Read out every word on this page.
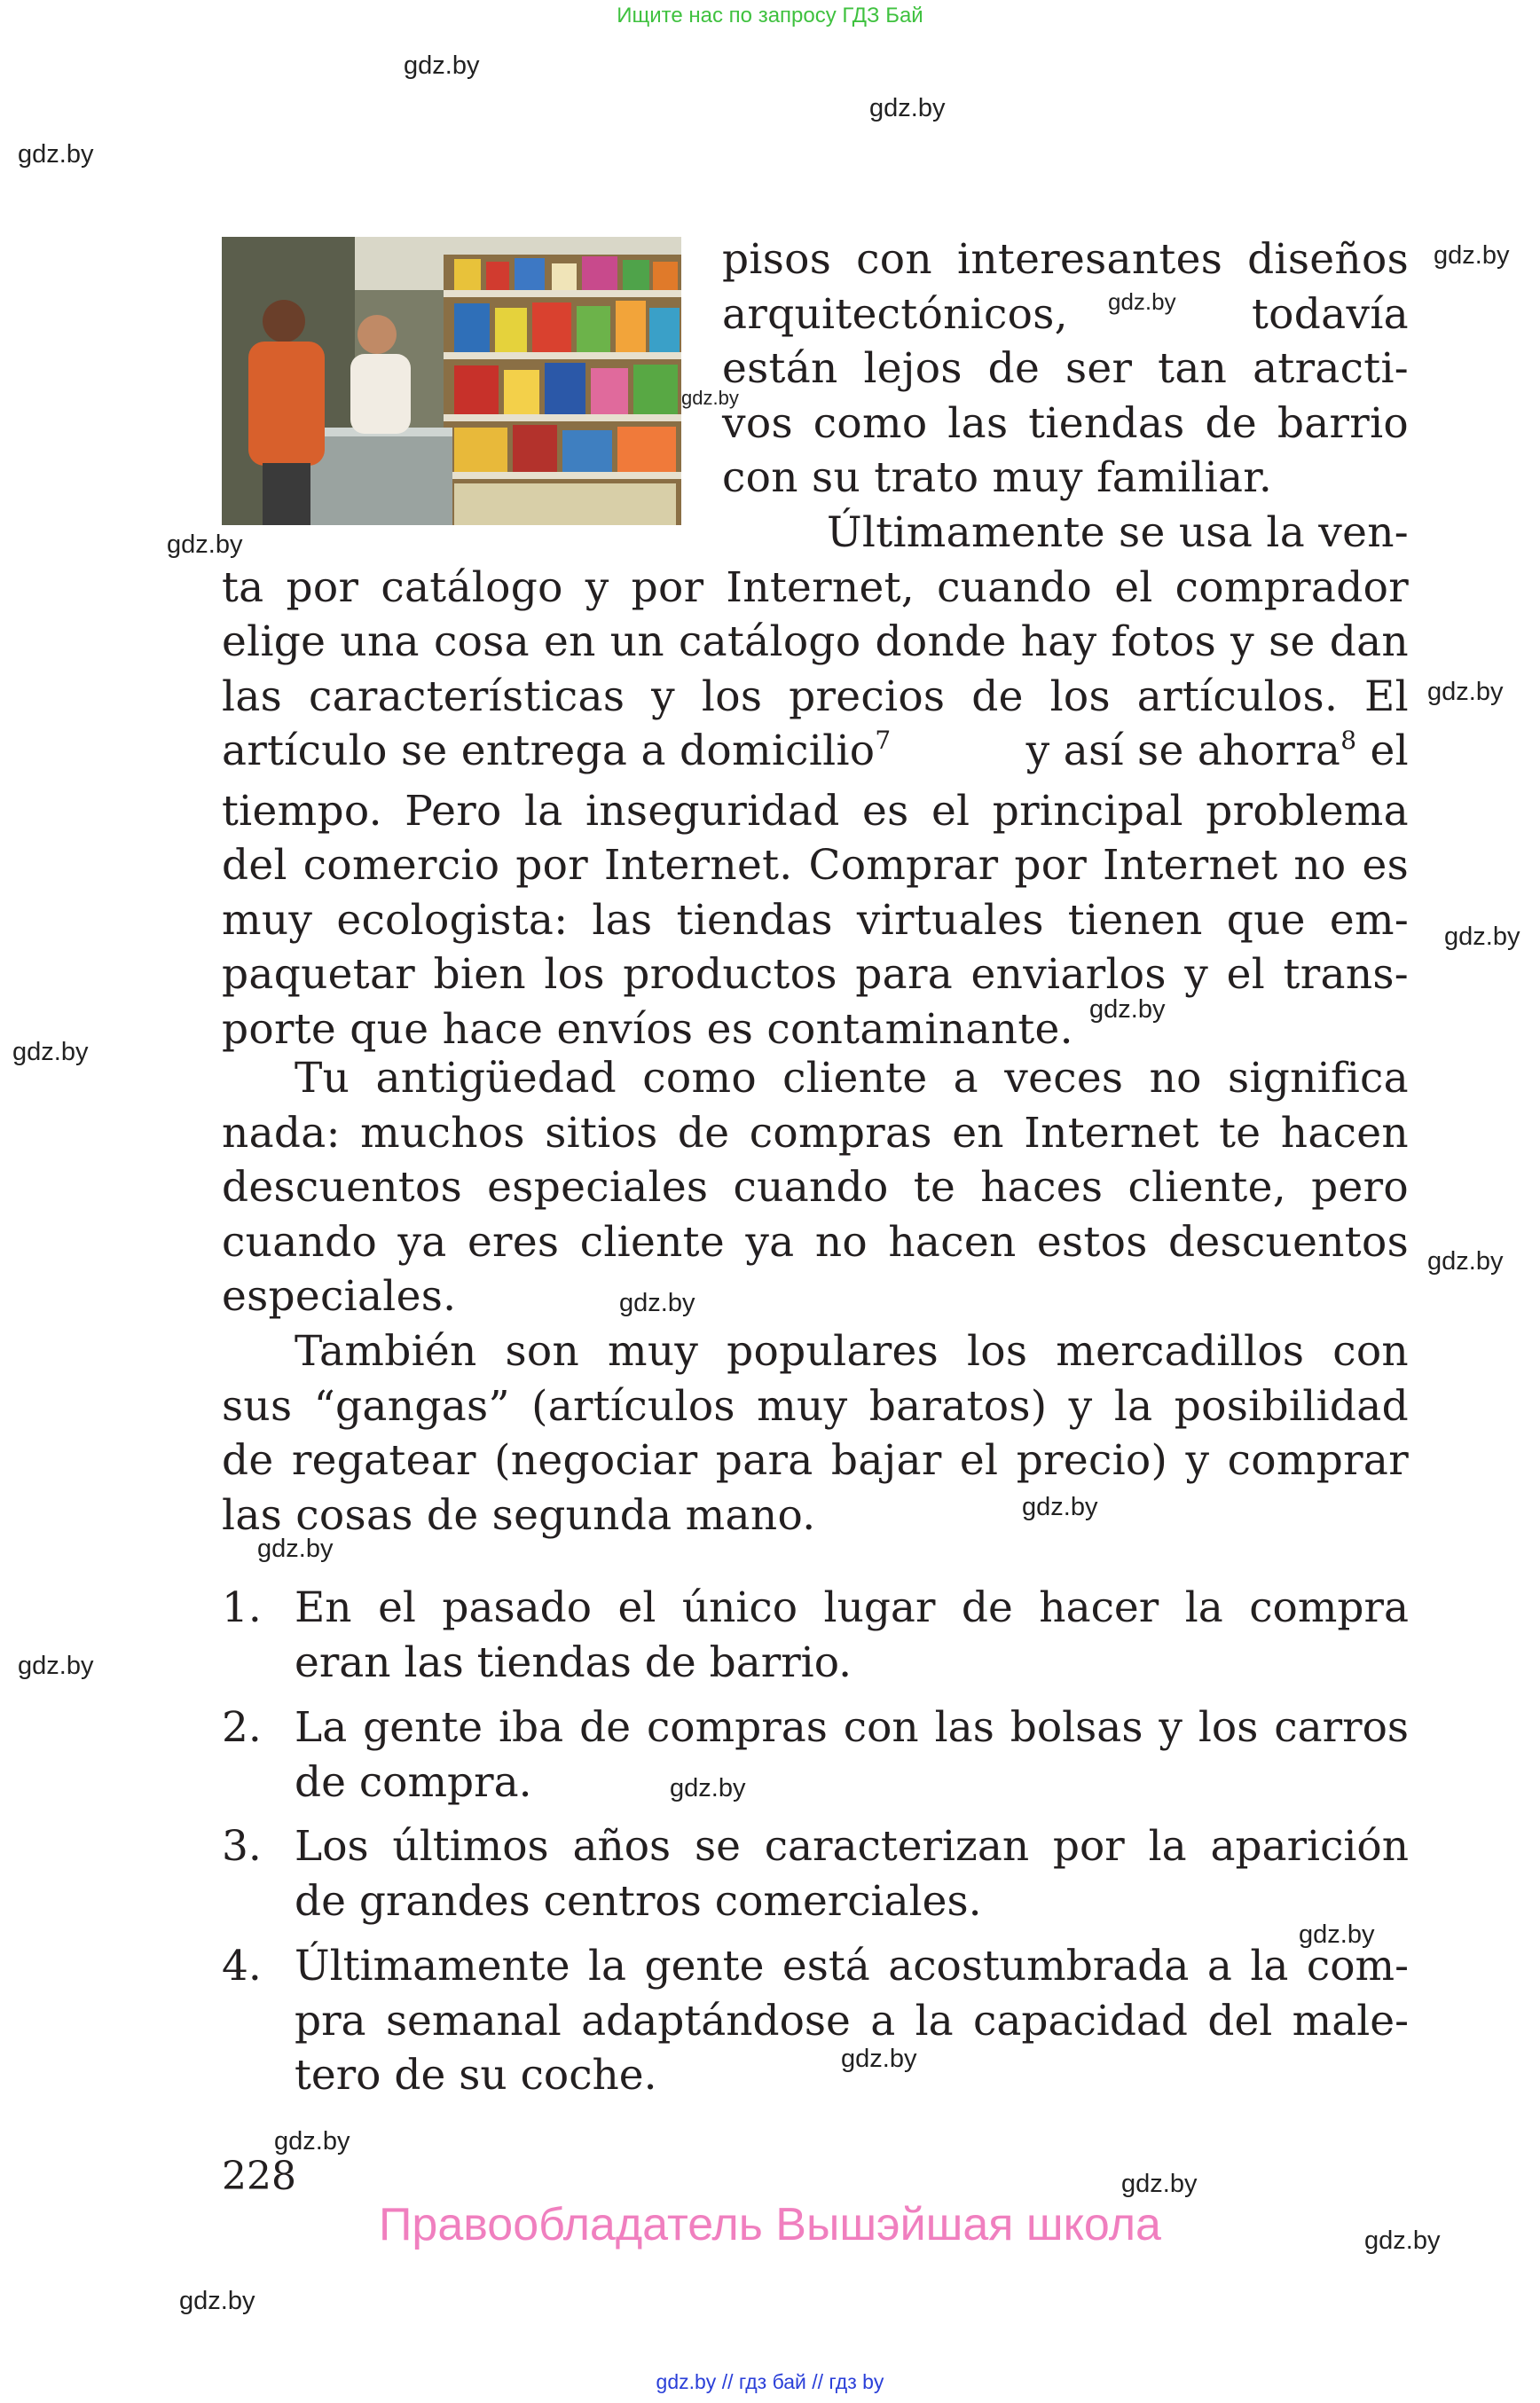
Ищите нас по запросу ГДЗ Бай
gdz.by
gdz.by
gdz.by
gdz.by
gdz.by
gdz.by
gdz.by
gdz.by
gdz.by
gdz.by
gdz.by
gdz.by
gdz.by
gdz.by
gdz.by
gdz.by
gdz.by
gdz.by
gdz.by
gdz.by
gdz.by
gdz.by
gdz.by
pisos con interesantes diseños
arquitectónicos,	todavía
están lejos de ser tan atracti-
vos como las tiendas de barrio
con su trato muy familiar.
Últimamente se usa la ven-
ta por catálogo y por Internet, cuando el comprador
elige una cosa en un catálogo donde hay fotos y se dan
las características y los precios de los artículos. El
artículo se entrega a domicilio$^7$	y así se ahorra$^8$ el
tiempo. Pero la inseguridad es el principal problema
del comercio por Internet. Comprar por Internet no es
muy ecologista: las tiendas virtuales tienen que em-
paquetar bien los productos para enviarlos y el trans-
porte que hace envíos es contaminante.
Tu antigüedad como cliente a veces no significa
nada: muchos sitios de compras en Internet te hacen
descuentos especiales cuando te haces cliente, pero
cuando ya eres cliente ya no hacen estos descuentos
especiales.
También son muy populares los mercadillos con
sus “gangas” (artículos muy baratos) y la posibilidad
de regatear (negociar para bajar el precio) y comprar
las cosas de segunda mano.
1. En el pasado el único lugar de hacer la compra
eran las tiendas de barrio.
2. La gente iba de compras con las bolsas y los carros
de compra.
3. Los últimos años se caracterizan por la aparición
de grandes centros comerciales.
4. Últimamente la gente está acostumbrada a la com-
pra semanal adaptándose a la capacidad del male-
tero de su coche.
228
Правообладатель Вышэйшая школа
gdz.by // гдз бай // гдз by
